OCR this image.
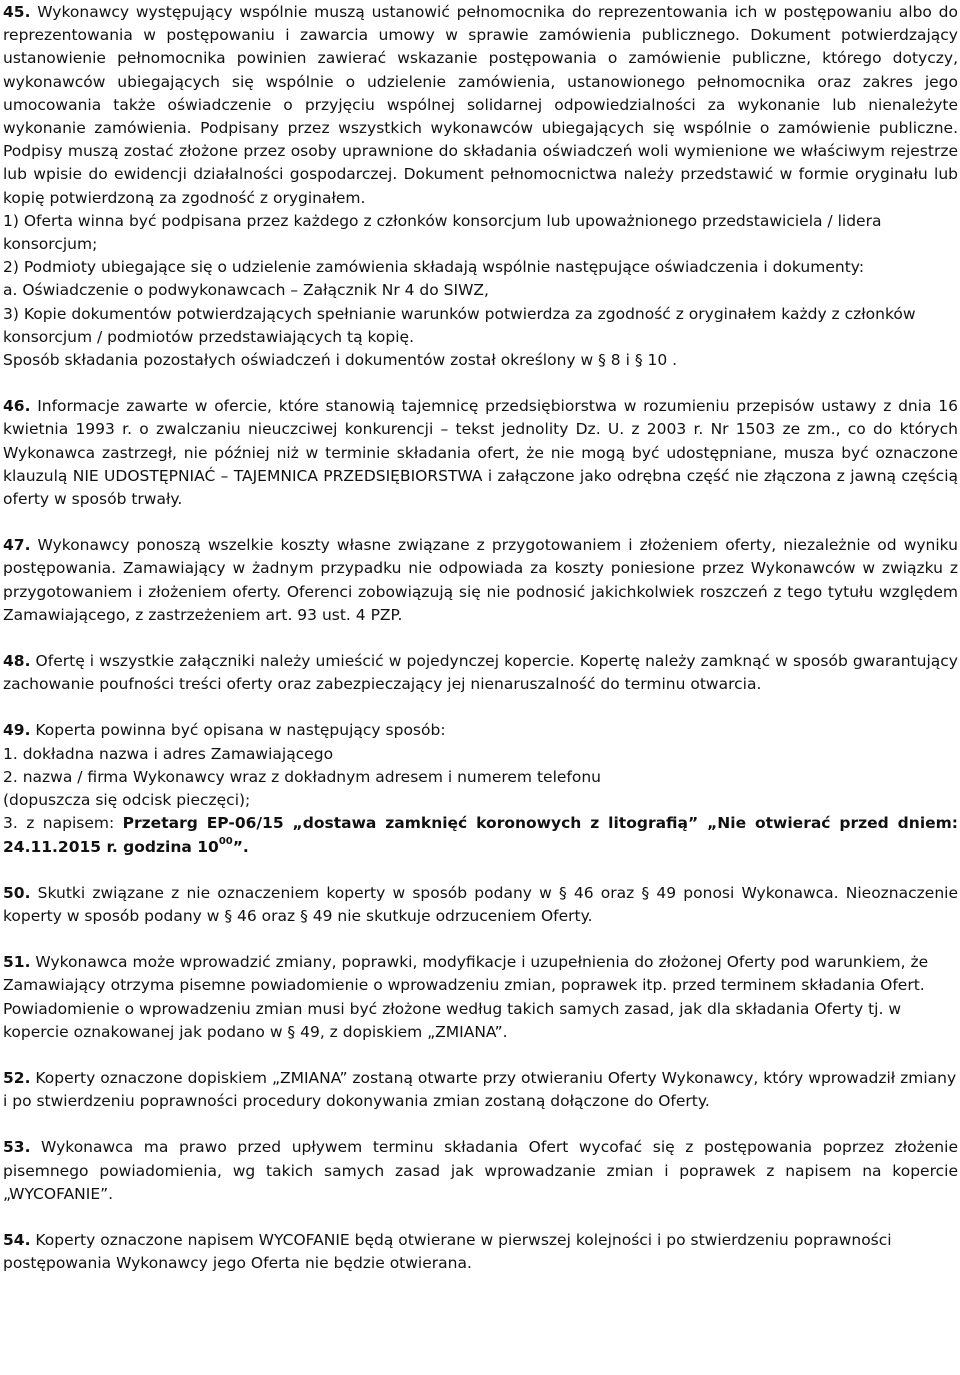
45. Wykonawcy występujący wspólnie muszą ustanowić pełnomocnika do reprezentowania ich w postępowaniu albo do reprezentowania w postępowaniu i zawarcia umowy w sprawie zamówienia publicznego. Dokument potwierdzający ustanowienie pełnomocnika powinien zawierać wskazanie postępowania o zamówienie publiczne, którego dotyczy, wykonawców ubiegających się wspólnie o udzielenie zamówienia, ustanowionego pełnomocnika oraz zakres jego umocowania także oświadczenie o przyjęciu wspólnej solidarnej odpowiedzialności za wykonanie lub nienależyte wykonanie zamówienia. Podpisany przez wszystkich wykonawców ubiegających się wspólnie o zamówienie publiczne. Podpisy muszą zostać złożone przez osoby uprawnione do składania oświadczeń woli wymienione we właściwym rejestrze lub wpisie do ewidencji działalności gospodarczej. Dokument pełnomocnictwa należy przedstawić w formie oryginału lub kopię potwierdzoną za zgodność z oryginałem.

1) Oferta winna być podpisana przez każdego z członków konsorcjum lub upoważnionego przedstawiciela / lidera konsorcjum;

2) Podmioty ubiegające się o udzielenie zamówienia składają wspólnie następujące oświadczenia i dokumenty:

a. Oświadczenie o podwykonawcach – Załącznik Nr 4 do SIWZ,

3) Kopie dokumentów potwierdzających spełnianie warunków potwierdza za zgodność z oryginałem każdy z członków konsorcjum / podmiotów przedstawiających tą kopię.

Sposób składania pozostałych oświadczeń i dokumentów został określony w § 8 i § 10 .

46. Informacje zawarte w ofercie, które stanowią tajemnicę przedsiębiorstwa w rozumieniu przepisów ustawy z dnia 16 kwietnia 1993 r. o zwalczaniu nieuczciwej konkurencji – tekst jednolity Dz. U. z 2003 r. Nr 1503 ze zm., co do których Wykonawca zastrzegł, nie później niż w terminie składania ofert, że nie mogą być udostępniane, musza być oznaczone klauzulą NIE UDOSTĘPNIAĆ – TAJEMNICA PRZEDSIĘBIORSTWA i załączone jako odrębna część nie złączona z jawną częścią oferty w sposób trwały.

47. Wykonawcy ponoszą wszelkie koszty własne związane z przygotowaniem i złożeniem oferty, niezależnie od wyniku postępowania. Zamawiający w żadnym przypadku nie odpowiada za koszty poniesione przez Wykonawców w związku z przygotowaniem i złożeniem oferty. Oferenci zobowiązują się nie podnosić jakichkolwiek roszczeń z tego tytułu względem Zamawiającego, z zastrzeżeniem art. 93 ust. 4 PZP.

48. Ofertę i wszystkie załączniki należy umieścić w pojedynczej kopercie. Kopertę należy zamknąć w sposób gwarantujący zachowanie poufności treści oferty oraz zabezpieczający jej nienaruszalność do terminu otwarcia.

49. Koperta powinna być opisana w następujący sposób:

1. dokładna nazwa i adres Zamawiającego

2. nazwa / firma Wykonawcy wraz z dokładnym adresem i numerem telefonu

(dopuszcza się odcisk pieczęci);

3. z napisem: Przetarg EP-06/15 „dostawa zamknięć koronowych z litografią” „Nie otwierać przed dniem: 24.11.2015 r. godzina $10^{00}$”.

50. Skutki związane z nie oznaczeniem koperty w sposób podany w § 46 oraz § 49 ponosi Wykonawca. Nieoznaczenie koperty w sposób podany w § 46 oraz § 49 nie skutkuje odrzuceniem Oferty.

51. Wykonawca może wprowadzić zmiany, poprawki, modyfikacje i uzupełnienia do złożonej Oferty pod warunkiem, że Zamawiający otrzyma pisemne powiadomienie o wprowadzeniu zmian, poprawek itp. przed terminem składania Ofert. Powiadomienie o wprowadzeniu zmian musi być złożone według takich samych zasad, jak dla składania Oferty tj. w kopercie oznakowanej jak podano w § 49, z dopiskiem „ZMIANA”.

52. Koperty oznaczone dopiskiem „ZMIANA” zostaną otwarte przy otwieraniu Oferty Wykonawcy, który wprowadził zmiany i po stwierdzeniu poprawności procedury dokonywania zmian zostaną dołączone do Oferty.

53. Wykonawca ma prawo przed upływem terminu składania Ofert wycofać się z postępowania poprzez złożenie pisemnego powiadomienia, wg takich samych zasad jak wprowadzanie zmian i poprawek z napisem na kopercie „WYCOFANIE”.

54. Koperty oznaczone napisem WYCOFANIE będą otwierane w pierwszej kolejności i po stwierdzeniu poprawności postępowania Wykonawcy jego Oferta nie będzie otwierana.
